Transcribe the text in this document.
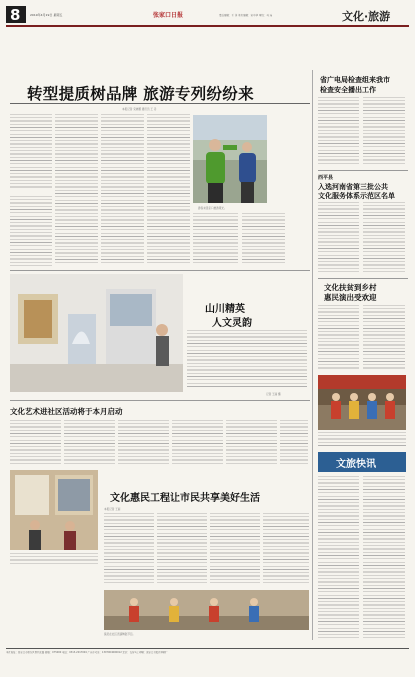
8	2019年4月19日 星期五	张家口日报	责任编辑：王 洋 美术编辑：宋中华 审校：马 涛	文化·旅游
转型提质树品牌 旅游专列纷纷来
本报记者 宋晓娜 通讯员 王 丹
游客来张家口旅游观光。
省广电局检查组来我市
检查安全播出工作
西平县
入选河南省第三批公共
文化服务体系示范区名单
文化扶贫到乡村
惠民演出受欢迎
文旅快讯
山川精英
人文灵韵
记者 王丽 摄
文化艺术进社区活动将于本月启动
文化惠民工程让市民共享美好生活
本报记者 王丽
演员在社区表演舞蹈节目。
本社地址：张家口市桥东区胜利北路 邮编：075000 电话：0313-2017004 广告许可证：1307004000012 定价：每份1元 印刷：张家口日报社印刷厂
